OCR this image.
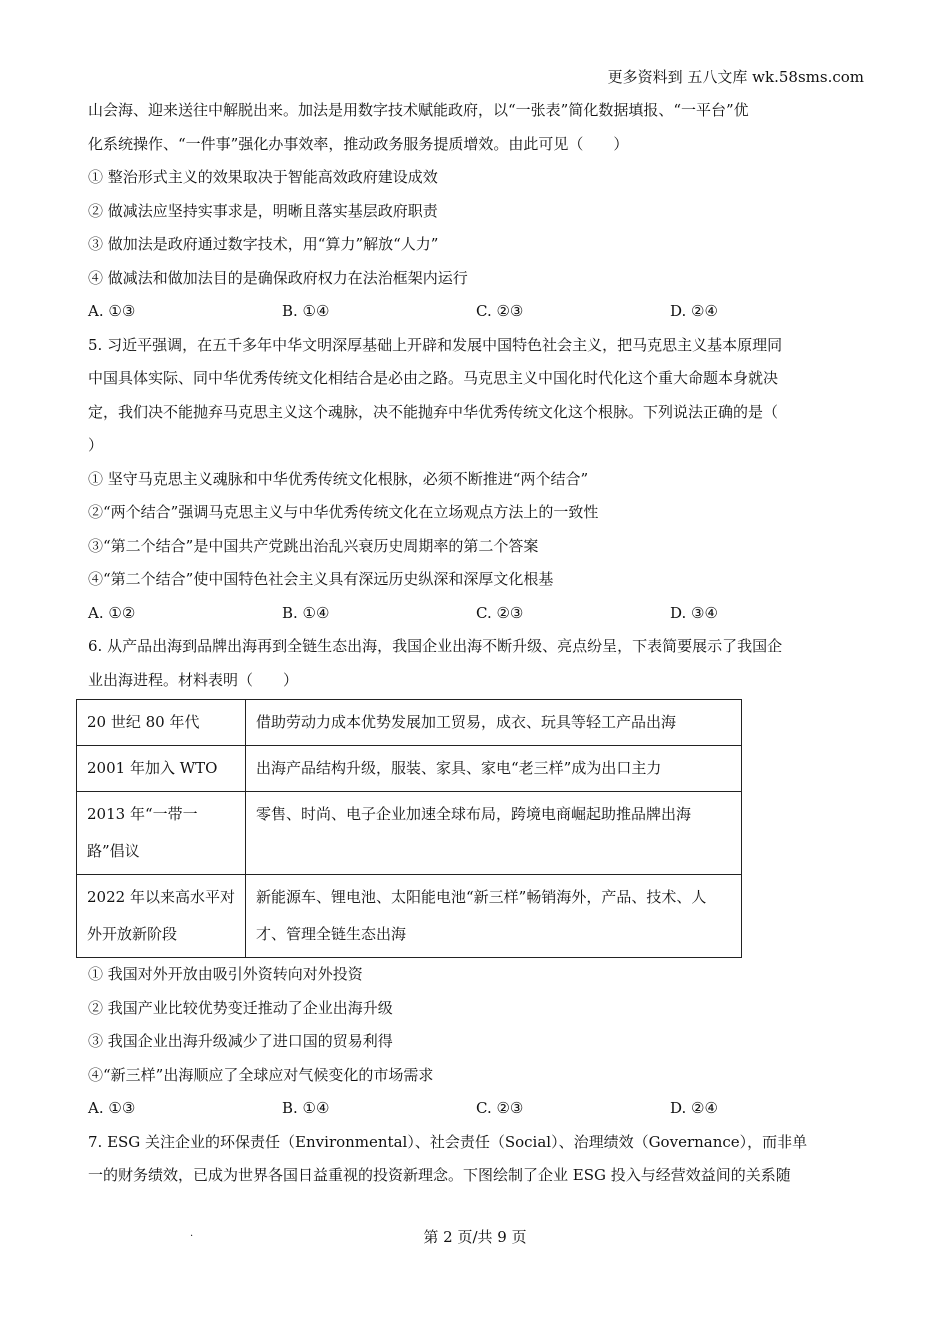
更多资料到 五八文库 wk.58sms.com
山会海、迎来送往中解脱出来。加法是用数字技术赋能政府，以“一张表”简化数据填报、“一平台”优
化系统操作、“一件事”强化办事效率，推动政务服务提质增效。由此可见（　　）
① 整治形式主义的效果取决于智能高效政府建设成效
② 做减法应坚持实事求是，明晰且落实基层政府职责
③ 做加法是政府通过数字技术，用“算力”解放“人力”
④ 做减法和做加法目的是确保政府权力在法治框架内运行
A. ①③	B. ①④	C. ②③	D. ②④
5. 习近平强调，在五千多年中华文明深厚基础上开辟和发展中国特色社会主义，把马克思主义基本原理同
中国具体实际、同中华优秀传统文化相结合是必由之路。马克思主义中国化时代化这个重大命题本身就决
定，我们决不能抛弃马克思主义这个魂脉，决不能抛弃中华优秀传统文化这个根脉。下列说法正确的是（
）
① 坚守马克思主义魂脉和中华优秀传统文化根脉，必须不断推进“两个结合”
②“两个结合”强调马克思主义与中华优秀传统文化在立场观点方法上的一致性
③“第二个结合”是中国共产党跳出治乱兴衰历史周期率的第二个答案
④“第二个结合”使中国特色社会主义具有深远历史纵深和深厚文化根基
A. ①②	B. ①④	C. ②③	D. ③④
6. 从产品出海到品牌出海再到全链生态出海，我国企业出海不断升级、亮点纷呈，下表简要展示了我国企
业出海进程。材料表明（　　）
20 世纪 80 年代	借助劳动力成本优势发展加工贸易，成衣、玩具等轻工产品出海
2001 年加入 WTO	出海产品结构升级，服装、家具、家电“老三样”成为出口主力
2013 年“一带一路”倡议	零售、时尚、电子企业加速全球布局，跨境电商崛起助推品牌出海
2022 年以来高水平对外开放新阶段	新能源车、锂电池、太阳能电池“新三样”畅销海外，产品、技术、人才、管理全链生态出海
① 我国对外开放由吸引外资转向对外投资
② 我国产业比较优势变迁推动了企业出海升级
③ 我国企业出海升级减少了进口国的贸易利得
④“新三样”出海顺应了全球应对气候变化的市场需求
A. ①③	B. ①④	C. ②③	D. ②④
7. ESG 关注企业的环保责任（Environmental）、社会责任（Social）、治理绩效（Governance），而非单
一的财务绩效，已成为世界各国日益重视的投资新理念。下图绘制了企业 ESG 投入与经营效益间的关系随
.	第 2 页/共 9 页
